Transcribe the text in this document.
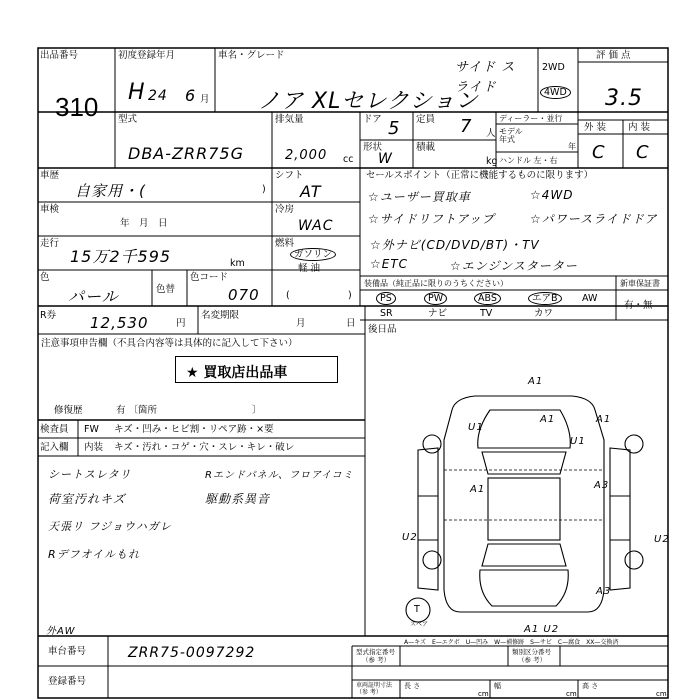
出品番号
310
初度登録年月
H 24 6 月
車名・グレード
ノア XLセレクション
サイド スライド
2WD
4WD
評 価 点
3.5
外 装 内 装
C C
型式
DBA-ZRR75G
排気量
2,000 cc
ドア 5 定員 7 人
形状
W
積載
kg
ディーラー・並行
モデル 年式
年
ハンドル 左・右
車歴
自家用・(	)
シフト
AT
車検
年　月　日
冷房
WAC
走行
15万2千595	km
燃料
ガソリン
軽 油
色
パール	色替
色コード
070	(	)
セールスポイント（正常に機能するものに限ります）
☆ユーザー買取車	☆4WD
☆サイドリフトアップ	☆パワースライドドア
☆外ナビ(CD/DVD/BT)・TV
☆ETC	☆エンジンスターター
装備品（純正品に限りのうちください）
PS	PW	ABS	エアB	AW
SR	ナビ	TV	カワ
新車保証書
有・無
R券 12,530	円
名変期限
月	日
後日品
注意事項申告欄（不具合内容等は具体的に記入して下さい）
★ 買取店出品車
修復歴	有 〔箇所　　　　　　　　　　〕
検査員
記入欄
FW キズ・凹み・ヒビ割・リペア跡・×要
内装 キズ・汚れ・コゲ・穴・スレ・キレ・破レ
シートスレタリ
荷室汚れキズ
天張リ フジョウハガレ
Rデフオイルもれ
Rエンドパネル、フロアイコミ
駆動系異音
外AW
A1
A1	A1
U1
U1
A1	A3
U2	U2
A3
A1 U2
T
スペア
A—キズ　E—エクボ　U—凹み　W—補修跡　S—サビ　C—腐食　XX—交換済
車台番号	ZRR75-0097292
登録番号
型式指定番号
（参 考）
類別区分番号
（参 考）
車両証明寸法（参 考）
長 さ
cm
幅
cm
高 さ
cm
